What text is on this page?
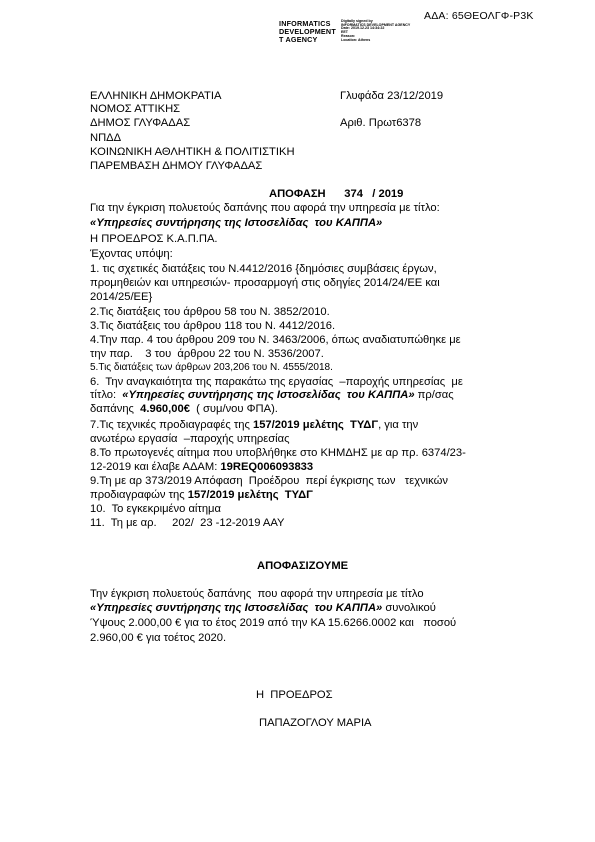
ΑΔΑ: 65ΘΕΟΛΓΦ-Ρ3Κ
INFORMATICS
DEVELOPMENT
T AGENCY
Digitally signed by
INFORMATICS DEVELOPMENT AGENCY
Date: 2019.12.23 14:34:22
EET
Reason:
Location: Athens
ΕΛΛΗΝΙΚΗ ΔΗΜΟΚΡΑΤΙΑ
ΝΟΜΟΣ ΑΤΤΙΚΗΣ
ΔΗΜΟΣ ΓΛΥΦΑΔΑΣ
ΝΠΔΔ
ΚΟΙΝΩΝΙΚΗ ΑΘΛΗΤΙΚΗ & ΠΟΛΙΤΙΣΤΙΚΗ
ΠΑΡΕΜΒΑΣΗ ΔΗΜΟΥ ΓΛΥΦΑΔΑΣ
Γλυφάδα 23/12/2019
Αριθ. Πρωτ6378
ΑΠΟΦΑΣΗ      374   / 2019
Για την έγκριση πολυετούς δαπάνης που αφορά την υπηρεσία με τίτλο:
«Υπηρεσίες συντήρησης της Ιστοσελίδας  του ΚΑΠΠΑ»
Η ΠΡΟΕΔΡΟΣ Κ.Α.Π.ΠΑ.
Έχοντας υπόψη:
1. τις σχετικές διατάξεις του Ν.4412/2016 {δημόσιες συμβάσεις έργων,
προμηθειών και υπηρεσιών- προσαρμογή στις οδηγίες 2014/24/ΕΕ και
2014/25/ΕΕ}
2.Τις διατάξεις του άρθρου 58 του Ν. 3852/2010.
3.Τις διατάξεις του άρθρου 118 του Ν. 4412/2016.
4.Την παρ. 4 του άρθρου 209 του Ν. 3463/2006, όπως αναδιατυπώθηκε με
την παρ.    3 του  άρθρου 22 του Ν. 3536/2007.
5.Τις διατάξεις των άρθρων 203,206 του Ν. 4555/2018.
6.  Την αναγκαιότητα της παρακάτω της εργασίας  –παροχής υπηρεσίας  με
τίτλο:  «Υπηρεσίες συντήρησης της Ιστοσελίδας  του ΚΑΠΠΑ» πρ/σας
δαπάνης  4.960,00€  ( συμ/νου ΦΠΑ).
7.Τις τεχνικές προδιαγραφές της 157/2019 μελέτης  ΤΥΔΓ, για την
ανωτέρω εργασία  –παροχής υπηρεσίας
8.Το πρωτογενές αίτημα που υποβλήθηκε στο ΚΗΜΔΗΣ με αρ πρ. 6374/23-
12-2019 και έλαβε ΑΔΑΜ: 19REQ006093833
9.Τη με αρ 373/2019 Απόφαση  Προέδρου  περί έγκρισης των   τεχνικών
προδιαγραφών της 157/2019 μελέτης  ΤΥΔΓ
10.  Το εγκεκριμένο αίτημα
11.  Τη με αρ.     202/  23 -12-2019 ΑΑΥ
ΑΠΟΦΑΣΙΖΟΥΜΕ
Την έγκριση πολυετούς δαπάνης  που αφορά την υπηρεσία με τίτλο
«Υπηρεσίες συντήρησης της Ιστοσελίδας  του ΚΑΠΠΑ» συνολικού
Ύψους 2.000,00 € για το έτος 2019 από την ΚΑ 15.6266.0002 και   ποσού
2.960,00 € για τοέτος 2020.
Η  ΠΡΟΕΔΡΟΣ
ΠΑΠΑΖΟΓΛΟΥ ΜΑΡΙΑ
